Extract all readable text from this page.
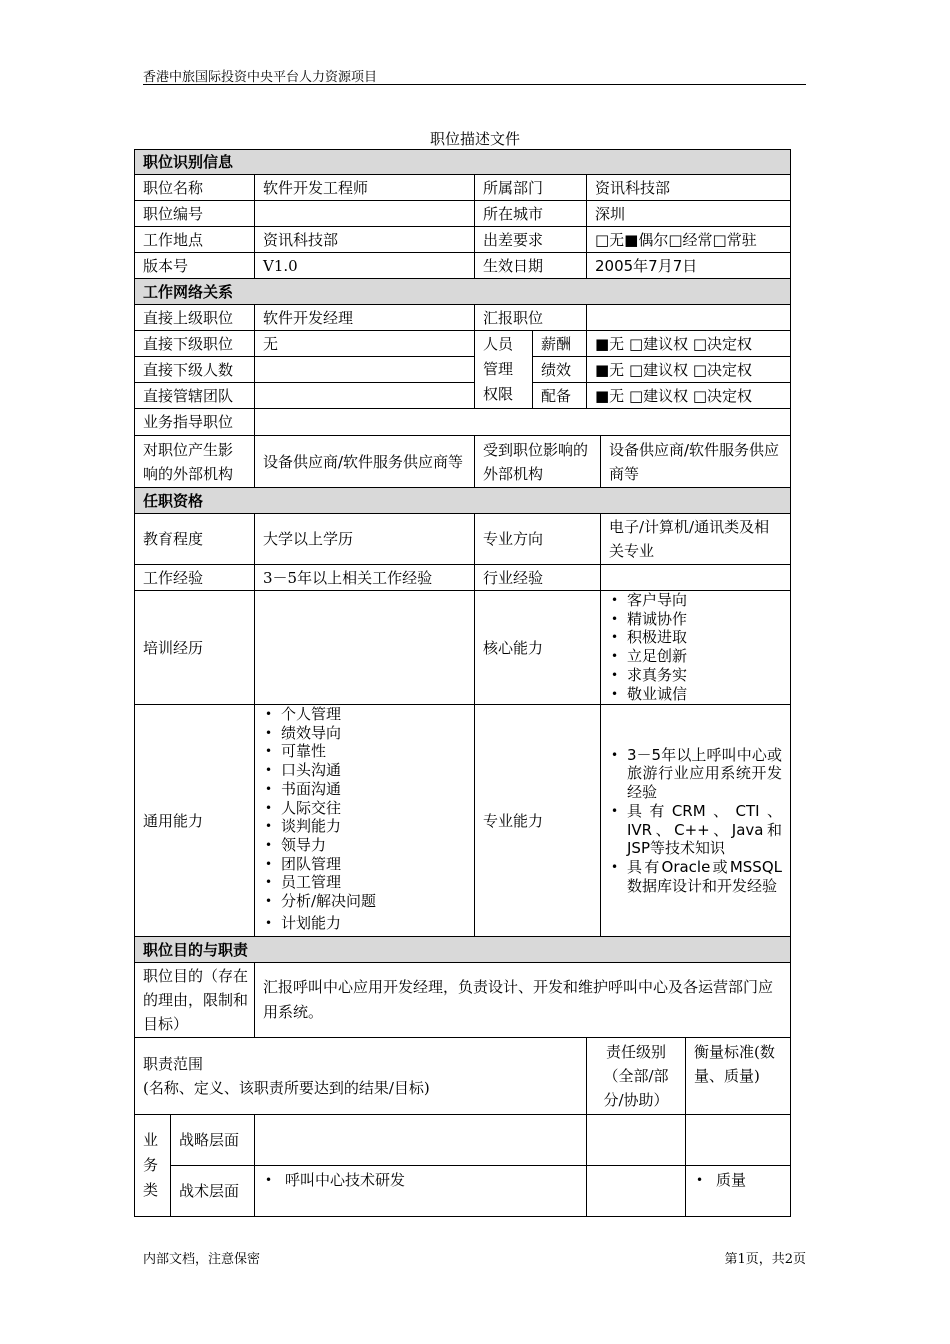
香港中旅国际投资中央平台人力资源项目
职位描述文件
职位识别信息
职位名称	软件开发工程师	所属部门	资讯科技部
职位编号	所在城市	深圳
工作地点	资讯科技部	出差要求	□无■偶尔□经常□常驻
版本号	V1.0	生效日期	2005年7月7日
工作网络关系
直接上级职位	软件开发经理	汇报职位
直接下级职位	无
直接下级人数
直接管辖团队
人员管理权限
薪酬	■无 □建议权 □决定权
绩效	■无 □建议权 □决定权
配备	■无 □建议权 □决定权
业务指导职位
对职位产生影响的外部机构
设备供应商/软件服务供应商等
受到职位影响的外部机构
设备供应商/软件服务供应商等
任职资格
教育程度	大学以上学历	专业方向
电子/计算机/通讯类及相关专业
工作经验	3－5年以上相关工作经验	行业经验
培训经历	核心能力
• 客户导向
• 精诚协作
• 积极进取
• 立足创新
• 求真务实
• 敬业诚信
通用能力
• 个人管理
• 绩效导向
• 可靠性
• 口头沟通
• 书面沟通
• 人际交往
• 谈判能力
• 领导力
• 团队管理
• 员工管理
• 分析/解决问题
• 计划能力
专业能力
• 3－5年以上呼叫中心或旅游行业应用系统开发经验
• 具有CRM、CTI、IVR、C++、Java和JSP等技术知识
• 具有Oracle或MSSQL数据库设计和开发经验
职位目的与职责
职位目的（存在的理由，限制和目标）
汇报呼叫中心应用开发经理，负责设计、开发和维护呼叫中心及各运营部门应用系统。
职责范围
(名称、定义、该职责所要达到的结果/目标)
责任级别（全部/部分/协助）
衡量标准(数量、质量)
业务类
战略层面
战术层面
• 呼叫中心技术研发
•	质量
内部文档，注意保密	第1页，共2页
